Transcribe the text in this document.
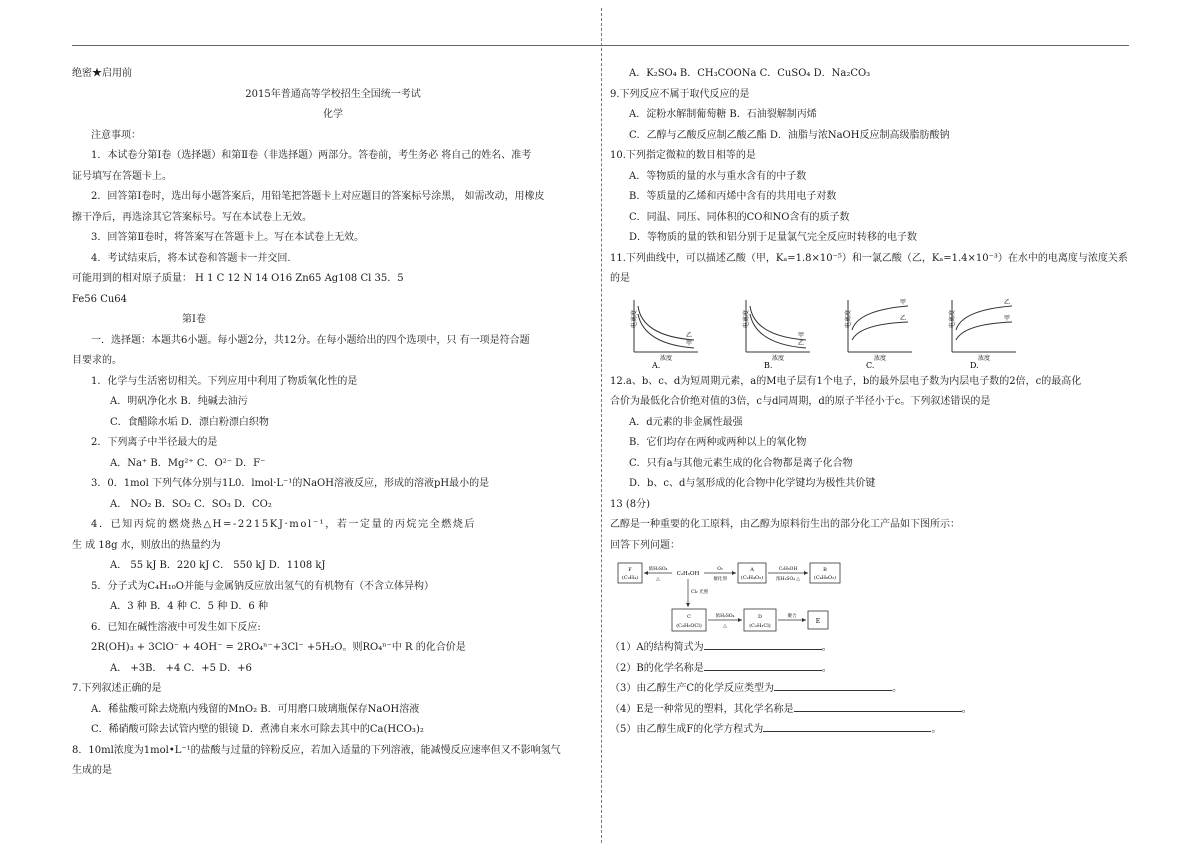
绝密★启用前

2015年普通高等学校招生全国统一考试

化学

注意事项：

1．本试卷分第Ⅰ卷（选择题）和第Ⅱ卷（非选择题）两部分。答卷前，考生务必 将自己的姓名、准考

证号填写在答题卡上。

2．回答第Ⅰ卷时，选出每小题答案后，用铅笔把答题卡上对应题目的答案标号涂黑， 如需改动，用橡皮

擦干净后，再选涂其它答案标号。写在本试卷上无效。

3．回答第Ⅱ卷时，将答案写在答题卡上。写在本试卷上无效。

4．考试结束后，将本试卷和答题卡一并交回.

可能用到的相对原子质量： H 1 C 12 N 14 O16 Zn65 Ag108 Cl 35．5

Fe56 Cu64

第Ⅰ卷

一．选择题：本题共6小题。每小题2分，共12分。在每小题给出的四个选项中，只 有一项是符合题

目要求的。

1．化学与生活密切相关。下列应用中利用了物质氧化性的是

A．明矾净化水 B．纯碱去油污

C．食醋除水垢 D．漂白粉漂白织物

2．下列离子中半径最大的是

A．Na⁺ B．Mg²⁺ C．O²⁻ D．F⁻

3．0．1mol 下列气体分别与1L0．lmol·L⁻¹的NaOH溶液反应，形成的溶液pH最小的是

A． NO₂ B．SO₂ C．SO₃ D．CO₂

4．已知丙烷的燃烧热△H=-2215KJ·mol⁻¹，若一定量的丙烷完全燃烧后

生 成 18g 水，则放出的热量约为

A． 55 kJ B．220 kJ C． 550 kJ D．1108 kJ

5．分子式为C₄H₁₀O并能与金属钠反应放出氢气的有机物有（不含立体异构）

A．3 种 B．4 种 C．5 种 D．6 种

6．已知在碱性溶液中可发生如下反应:

2R(OH)₃ + 3ClO⁻ + 4OH⁻ = 2RO₄ⁿ⁻+3Cl⁻ +5H₂O。则RO₄ⁿ⁻中 R 的化合价是

A． +3B． +4 C．+5 D．+6

7.下列叙述正确的是

A．稀盐酸可除去烧瓶内残留的MnO₂ B．可用磨口玻璃瓶保存NaOH溶液

C．稀硝酸可除去试管内壁的银镜 D．煮沸自来水可除去其中的Ca(HCO₃)₂

8．10ml浓度为1mol•L⁻¹的盐酸与过量的锌粉反应，若加入适量的下列溶液，能减慢反应速率但又不影响氢气

生成的是

A．K₂SO₄ B．CH₃COONa C．CuSO₄ D．Na₂CO₃

9.下列反应不属于取代反应的是

A．淀粉水解制葡萄糖 B．石油裂解制丙烯

C．乙醇与乙酸反应制乙酸乙酯 D．油脂与浓NaOH反应制高级脂肪酸钠

10.下列指定微粒的数目相等的是

A．等物质的量的水与重水含有的中子数

B．等质量的乙烯和丙烯中含有的共用电子对数

C．同温、同压、同体积的CO和NO含有的质子数

D．等物质的量的铁和铝分别于足量氯气完全反应时转移的电子数

11.下列曲线中，可以描述乙酸（甲，Kₐ=1.8×10⁻⁵）和一氯乙酸（乙，Kₐ=1.4×10⁻³）在水中的电离度与浓度关系

的是

电离度
浓度
乙
甲
A.
电离度
浓度
甲
乙
B.
电离度
浓度
甲
乙
C.
电离度
浓度
乙
甲
D.

12.a、b、c、d为短周期元素，a的M电子层有1个电子，b的最外层电子数为内层电子数的2倍，c的最高化

合价为最低化合价绝对值的3倍，c与d同周期，d的原子半径小于c。下列叙述错误的是

A．d元素的非金属性最强

B．它们均存在两种或两种以上的氧化物

C．只有a与其他元素生成的化合物都是离子化合物

D．b、c、d与氢形成的化合物中化学键均为极性共价键

13 (8分)

乙醇是一种重要的化工原料，由乙醇为原料衍生出的部分化工产品如下图所示：

回答下列问题：

F
(C₂H₄)
浓H₂SO₄
△
C₂H₅OH
O₂
催化剂
A
(C₂H₄O₂)
C₂H₅OH
浓H₂SO₄ △
B
(C₄H₈O₂)
Cl₂ 光照
C
(C₂H₅OCl)
浓H₂SO₄
△
D
(C₂H₃Cl)
聚合
E

（1）A的结构简式为	。

（2）B的化学名称是	。

（3）由乙醇生产C的化学反应类型为	。

（4）E是一种常见的塑料，其化学名称是	。

（5）由乙醇生成F的化学方程式为	。
